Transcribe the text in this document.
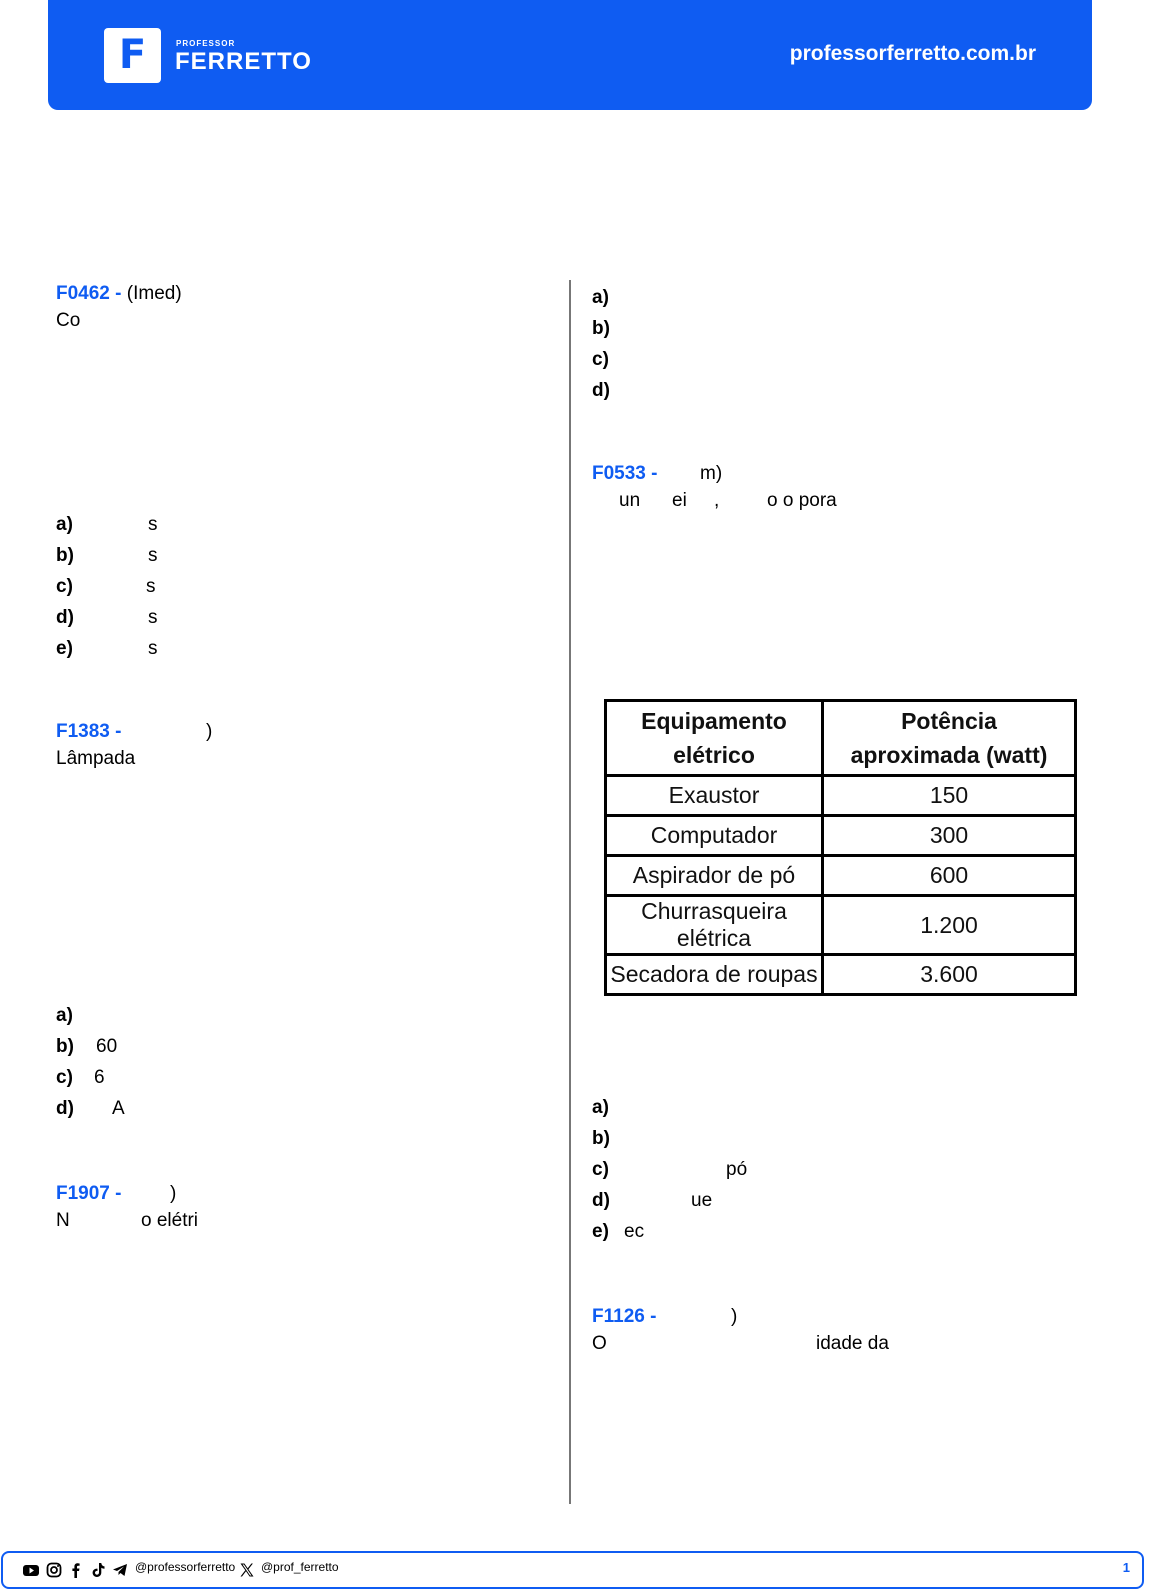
F	PROFESSOR
FERRETTO	professorferretto.com.br
F0462 - (Imed)
Co
a)	s
b)	s
c)	s
d)	s
e)	s
F1383 -	)
Lâmpada
a)
b) 60
c) 6
d) A
F1907 -	)
N	o elétri
a)
b)
c)
d)
F0533 - m)
un ei ,	o o pora
Equipamento elétrico	Potência aproximada (watt)
Exaustor	150
Computador	300
Aspirador de pó	600
Churrasqueira elétrica	1.200
Secadora de roupas	3.600
a)
b)
c)	pó
d)	ue
e) ec
F1126 -	)
O	idade da
@professorferretto @prof_ferretto	1
